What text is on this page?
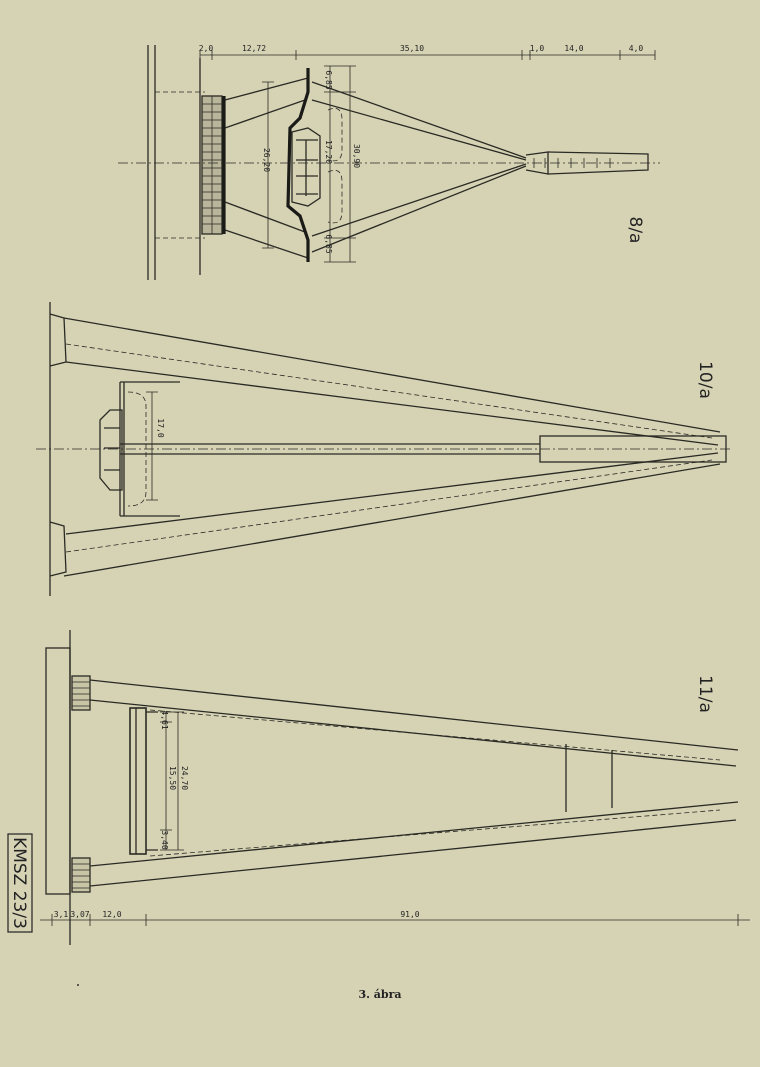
2,0	12,72	35,10	1,0	14,0	4,0
6,85
26,20	17,20 30,90
6,85
8/a
17,0
10/a
4,61
24,70
15,50
3,40
3,1 3,07 12,0	91,0
11/a
KMSZ 23/3
3. ábra
